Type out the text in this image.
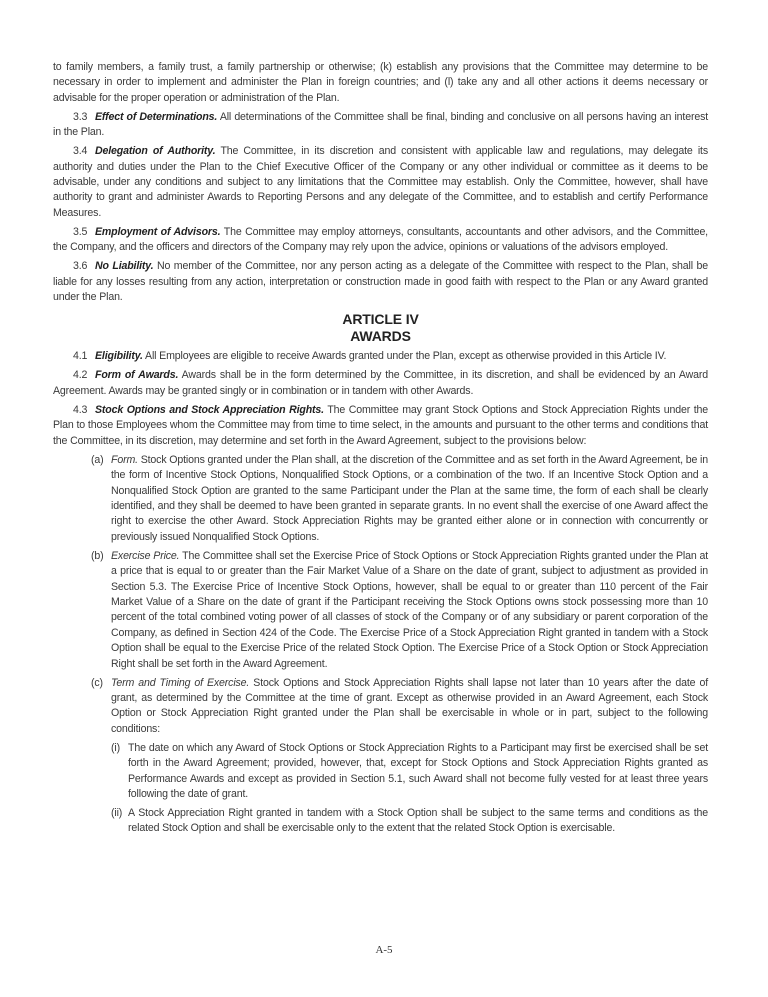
to family members, a family trust, a family partnership or otherwise; (k) establish any provisions that the Committee may determine to be necessary in order to implement and administer the Plan in foreign countries; and (l) take any and all other actions it deems necessary or advisable for the proper operation or administration of the Plan.

3.3 Effect of Determinations. All determinations of the Committee shall be final, binding and conclusive on all persons having an interest in the Plan.

3.4 Delegation of Authority. The Committee, in its discretion and consistent with applicable law and regulations, may delegate its authority and duties under the Plan to the Chief Executive Officer of the Company or any other individual or committee as it deems to be advisable, under any conditions and subject to any limitations that the Committee may establish. Only the Committee, however, shall have authority to grant and administer Awards to Reporting Persons and any delegate of the Committee, and to establish and certify Performance Measures.

3.5 Employment of Advisors. The Committee may employ attorneys, consultants, accountants and other advisors, and the Committee, the Company, and the officers and directors of the Company may rely upon the advice, opinions or valuations of the advisors employed.

3.6 No Liability. No member of the Committee, nor any person acting as a delegate of the Committee with respect to the Plan, shall be liable for any losses resulting from any action, interpretation or construction made in good faith with respect to the Plan or any Award granted under the Plan.

ARTICLE IV
AWARDS

4.1 Eligibility. All Employees are eligible to receive Awards granted under the Plan, except as otherwise provided in this Article IV.

4.2 Form of Awards. Awards shall be in the form determined by the Committee, in its discretion, and shall be evidenced by an Award Agreement. Awards may be granted singly or in combination or in tandem with other Awards.

4.3 Stock Options and Stock Appreciation Rights. The Committee may grant Stock Options and Stock Appreciation Rights under the Plan to those Employees whom the Committee may from time to time select, in the amounts and pursuant to the other terms and conditions that the Committee, in its discretion, may determine and set forth in the Award Agreement, subject to the provisions below:

(a) Form. Stock Options granted under the Plan shall, at the discretion of the Committee and as set forth in the Award Agreement, be in the form of Incentive Stock Options, Nonqualified Stock Options, or a combination of the two. If an Incentive Stock Option and a Nonqualified Stock Option are granted to the same Participant under the Plan at the same time, the form of each shall be clearly identified, and they shall be deemed to have been granted in separate grants. In no event shall the exercise of one Award affect the right to exercise the other Award. Stock Appreciation Rights may be granted either alone or in connection with concurrently or previously issued Nonqualified Stock Options.

(b) Exercise Price. The Committee shall set the Exercise Price of Stock Options or Stock Appreciation Rights granted under the Plan at a price that is equal to or greater than the Fair Market Value of a Share on the date of grant, subject to adjustment as provided in Section 5.3. The Exercise Price of Incentive Stock Options, however, shall be equal to or greater than 110 percent of the Fair Market Value of a Share on the date of grant if the Participant receiving the Stock Options owns stock possessing more than 10 percent of the total combined voting power of all classes of stock of the Company or of any subsidiary or parent corporation of the Company, as defined in Section 424 of the Code. The Exercise Price of a Stock Appreciation Right granted in tandem with a Stock Option shall be equal to the Exercise Price of the related Stock Option. The Exercise Price of a Stock Option or Stock Appreciation Right shall be set forth in the Award Agreement.

(c) Term and Timing of Exercise. Stock Options and Stock Appreciation Rights shall lapse not later than 10 years after the date of grant, as determined by the Committee at the time of grant. Except as otherwise provided in an Award Agreement, each Stock Option or Stock Appreciation Right granted under the Plan shall be exercisable in whole or in part, subject to the following conditions:

(i) The date on which any Award of Stock Options or Stock Appreciation Rights to a Participant may first be exercised shall be set forth in the Award Agreement; provided, however, that, except for Stock Options and Stock Appreciation Rights granted as Performance Awards and except as provided in Section 5.1, such Award shall not become fully vested for at least three years following the date of grant.

(ii) A Stock Appreciation Right granted in tandem with a Stock Option shall be subject to the same terms and conditions as the related Stock Option and shall be exercisable only to the extent that the related Stock Option is exercisable.

A-5
